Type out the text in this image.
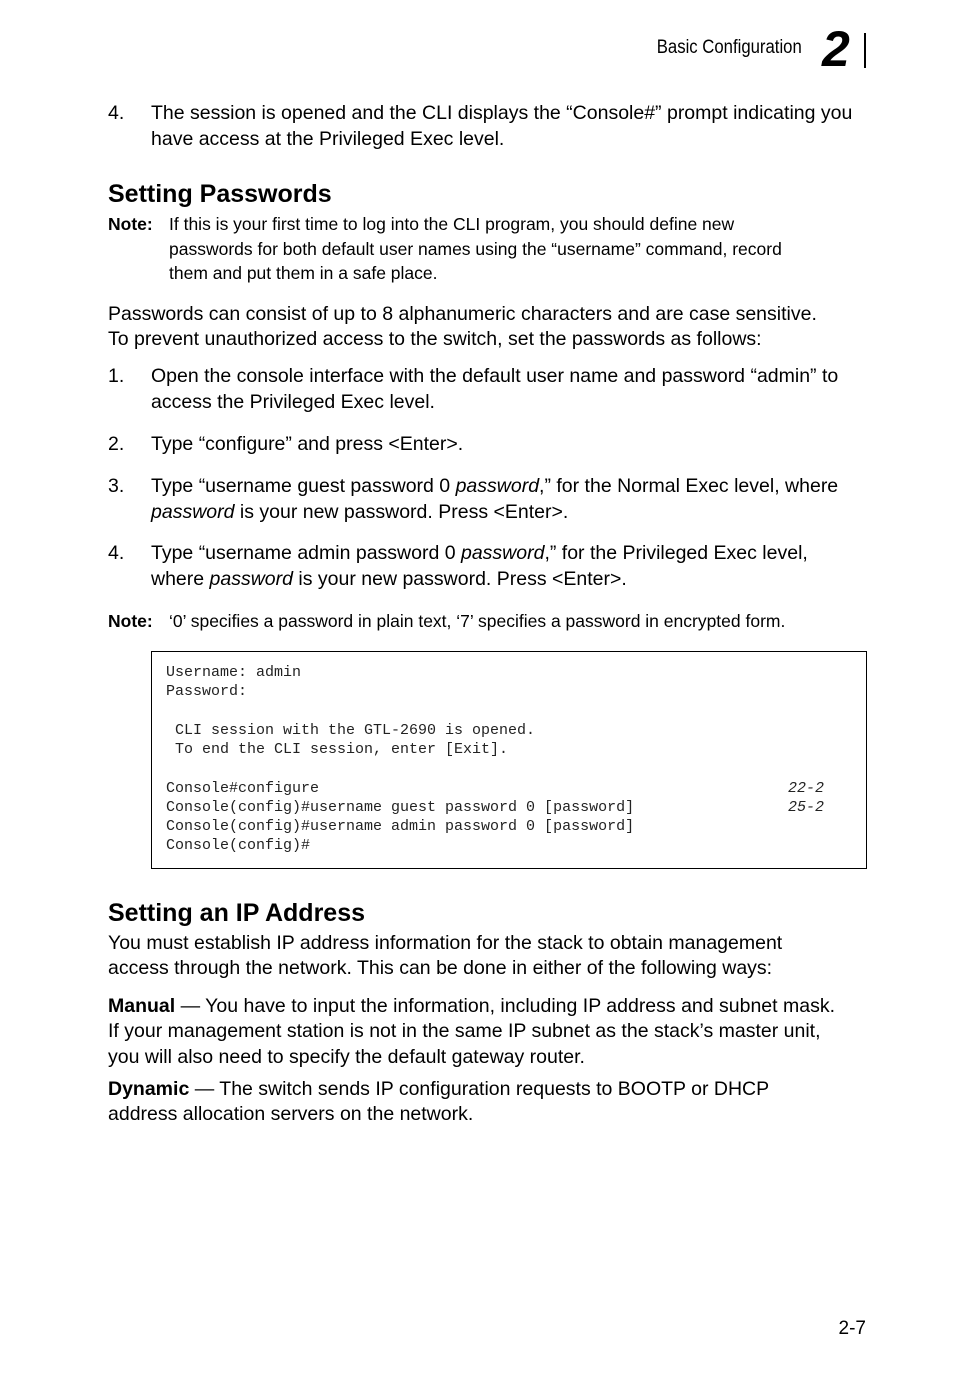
Basic Configuration 2
4. The session is opened and the CLI displays the “Console#” prompt indicating you have access at the Privileged Exec level.
Setting Passwords
Note: If this is your first time to log into the CLI program, you should define new
passwords for both default user names using the “username” command, record
them and put them in a safe place.
Passwords can consist of up to 8 alphanumeric characters and are case sensitive.
To prevent unauthorized access to the switch, set the passwords as follows:
1. Open the console interface with the default user name and password “admin” to access the Privileged Exec level.
2. Type “configure” and press <Enter>.
3. Type “username guest password 0 password,” for the Normal Exec level, where password is your new password. Press <Enter>.
4. Type “username admin password 0 password,” for the Privileged Exec level, where password is your new password. Press <Enter>.
Note: ‘0’ specifies a password in plain text, ‘7’ specifies a password in encrypted form.
Username: admin
Password:
CLI session with the GTL-2690 is opened.
To end the CLI session, enter [Exit].
Console#configure
Console(config)#username guest password 0 [password]
Console(config)#username admin password 0 [password]
Console(config)#
22-2
25-2
Setting an IP Address
You must establish IP address information for the stack to obtain management
access through the network. This can be done in either of the following ways:
Manual — You have to input the information, including IP address and subnet mask.
If your management station is not in the same IP subnet as the stack’s master unit,
you will also need to specify the default gateway router.
Dynamic — The switch sends IP configuration requests to BOOTP or DHCP
address allocation servers on the network.
2-7
